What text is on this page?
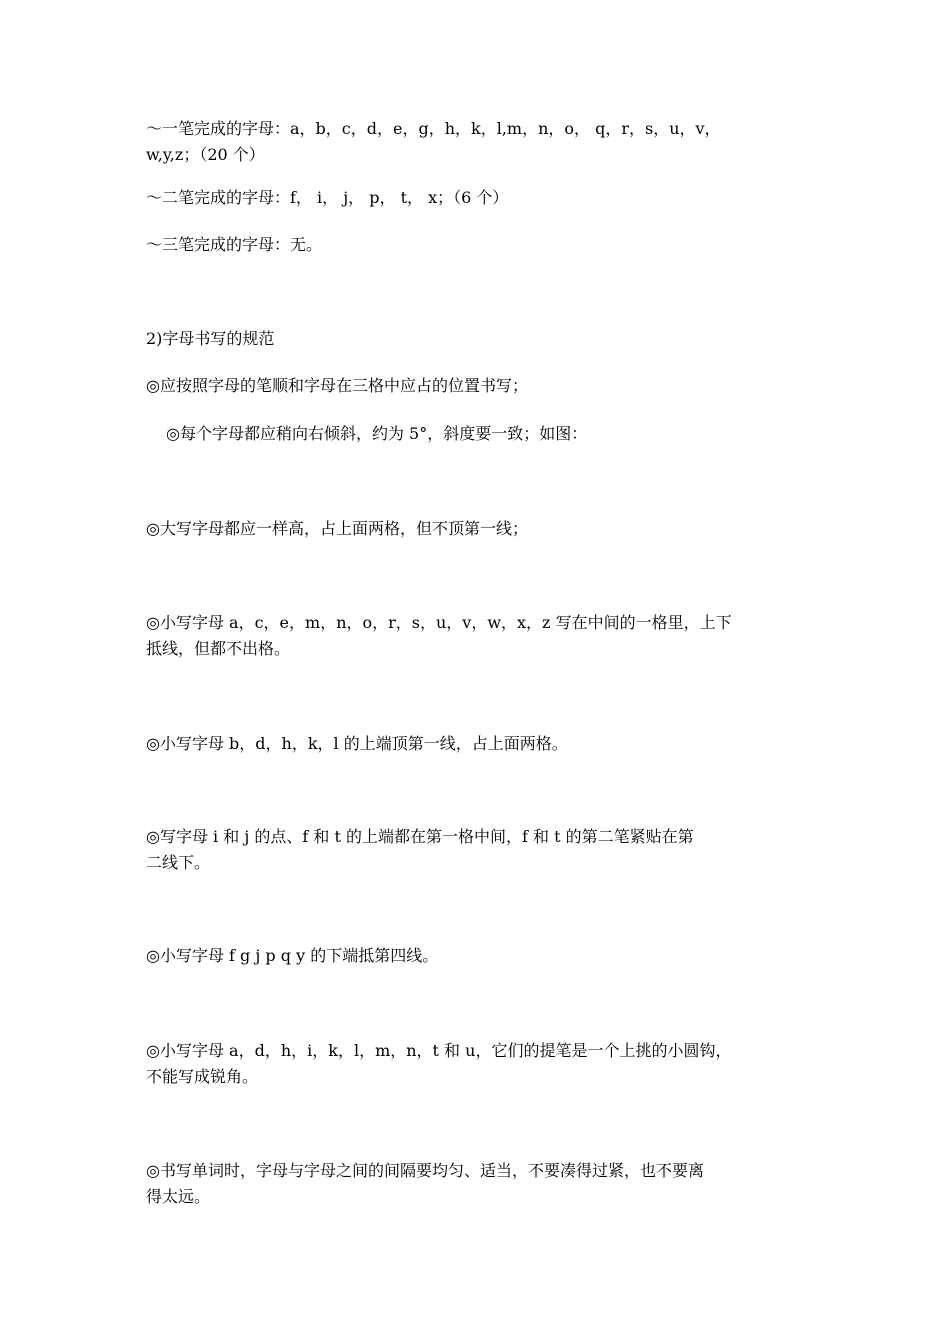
～一笔完成的字母：a，b，c，d，e，g，h，k，l,m，n，o， q，r，s，u，v，
w,y,z；（20 个）
～二笔完成的字母：f， i， j， p， t， x；（6 个）
～三笔完成的字母：无。
2)字母书写的规范
◎应按照字母的笔顺和字母在三格中应占的位置书写；
◎每个字母都应稍向右倾斜，约为 5°，斜度要一致；如图：
◎大写字母都应一样高，占上面两格，但不顶第一线；
◎小写字母 a，c，e，m，n，o，r，s，u，v，w，x，z 写在中间的一格里，上下
抵线，但都不出格。
◎小写字母 b，d，h，k，l 的上端顶第一线，占上面两格。
◎写字母 i 和 j 的点、f 和 t 的上端都在第一格中间，f 和 t 的第二笔紧贴在第
二线下。
◎小写字母 f g j p q y 的下端抵第四线。
◎小写字母 a，d，h，i，k，l，m，n，t 和 u，它们的提笔是一个上挑的小圆钩，
不能写成锐角。
◎书写单词时，字母与字母之间的间隔要均匀、适当，不要凑得过紧，也不要离
得太远。
